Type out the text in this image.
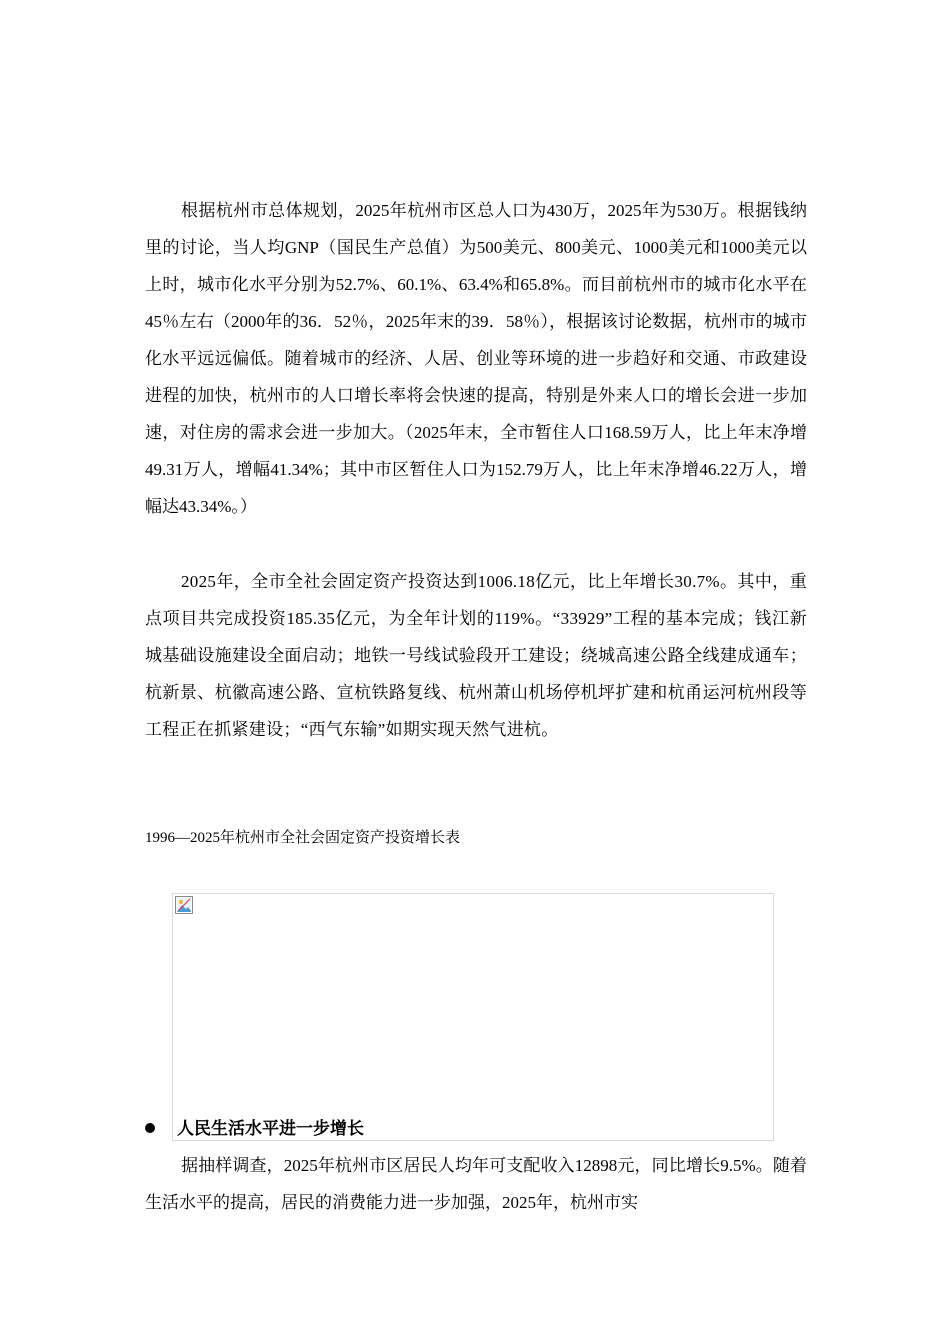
根据杭州市总体规划，2025年杭州市区总人口为430万，2025年为530万。根据钱纳里的讨论，当人均GNP（国民生产总值）为500美元、800美元、1000美元和1000美元以上时，城市化水平分别为52.7%、60.1%、63.4%和65.8%。而目前杭州市的城市化水平在45％左右（2000年的36．52％，2025年末的39．58％），根据该讨论数据，杭州市的城市化水平远远偏低。随着城市的经济、人居、创业等环境的进一步趋好和交通、市政建设进程的加快，杭州市的人口增长率将会快速的提高，特别是外来人口的增长会进一步加速，对住房的需求会进一步加大。（2025年末，全市暂住人口168.59万人，比上年末净增49.31万人，增幅41.34%；其中市区暂住人口为152.79万人，比上年末净增46.22万人，增幅达43.34%。）

2025年，全市全社会固定资产投资达到1006.18亿元，比上年增长30.7%。其中，重点项目共完成投资185.35亿元，为全年计划的119%。“33929”工程的基本完成；钱江新城基础设施建设全面启动；地铁一号线试验段开工建设；绕城高速公路全线建成通车；杭新景、杭徽高速公路、宣杭铁路复线、杭州萧山机场停机坪扩建和杭甬运河杭州段等工程正在抓紧建设；“西气东输”如期实现天然气进杭。

1996—2025年杭州市全社会固定资产投资增长表

人民生活水平进一步增长

据抽样调查，2025年杭州市区居民人均年可支配收入12898元，同比增长9.5%。随着生活水平的提高，居民的消费能力进一步加强，2025年，杭州市实
